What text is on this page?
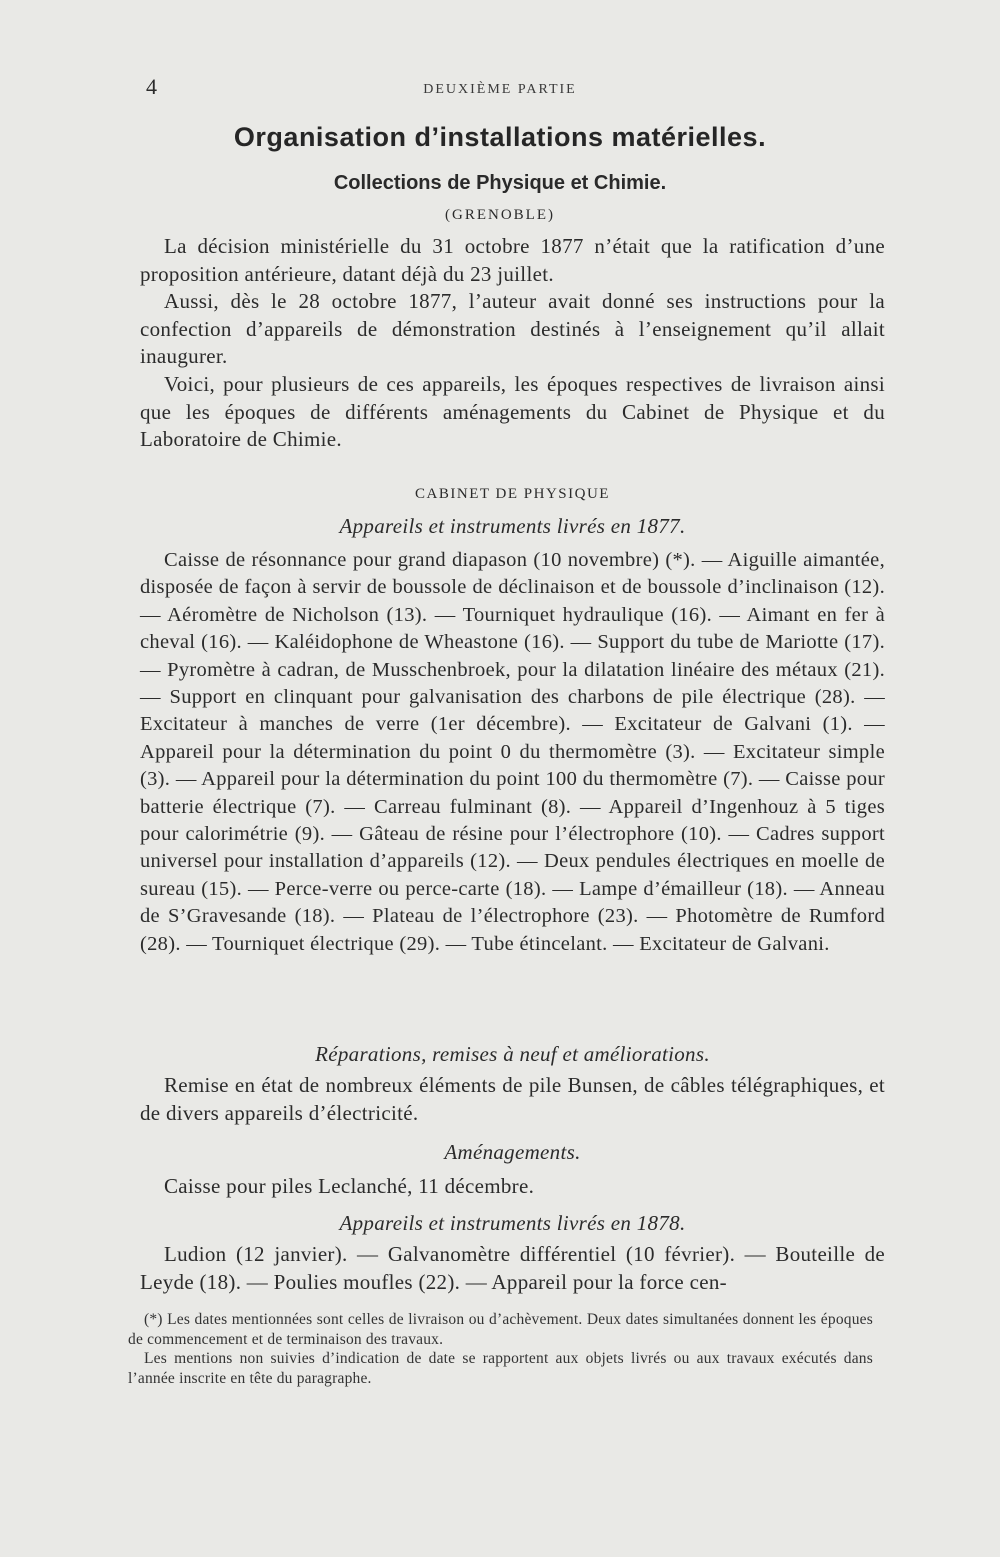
4	DEUXIÈME PARTIE
Organisation d’installations matérielles.
Collections de Physique et Chimie.
(GRENOBLE)

La décision ministérielle du 31 octobre 1877 n’était que la ratification d’une proposition antérieure, datant déjà du 23 juillet.

Aussi, dès le 28 octobre 1877, l’auteur avait donné ses instructions pour la confection d’appareils de démonstration destinés à l’enseignement qu’il allait inaugurer.

Voici, pour plusieurs de ces appareils, les époques respectives de livraison ainsi que les époques de différents aménagements du Cabinet de Physique et du Laboratoire de Chimie.

CABINET DE PHYSIQUE

Appareils et instruments livrés en 1877.

Caisse de résonnance pour grand diapason (10 novembre) (*). — Aiguille aimantée, disposée de façon à servir de boussole de déclinaison et de boussole d’inclinaison (12). — Aéromètre de Nicholson (13). — Tourniquet hydraulique (16). — Aimant en fer à cheval (16). — Kaléidophone de Wheastone (16). — Support du tube de Mariotte (17). — Pyromètre à cadran, de Musschenbroek, pour la dilatation linéaire des métaux (21). — Support en clinquant pour galvanisation des charbons de pile électrique (28). — Excitateur à manches de verre (1er décembre). — Excitateur de Galvani (1). — Appareil pour la détermination du point 0 du thermomètre (3). — Excitateur simple (3). — Appareil pour la détermination du point 100 du thermomètre (7). — Caisse pour batterie électrique (7). — Carreau fulminant (8). — Appareil d’Ingenhouz à 5 tiges pour calorimétrie (9). — Gâteau de résine pour l’électrophore (10). — Cadres support universel pour installation d’appareils (12). — Deux pendules électriques en moelle de sureau (15). — Perce-verre ou perce-carte (18). — Lampe d’émailleur (18). — Anneau de S’Gravesande (18). — Plateau de l’électrophore (23). — Photomètre de Rumford (28). — Tourniquet électrique (29). — Tube étincelant. — Excitateur de Galvani.

Réparations, remises à neuf et améliorations.

Remise en état de nombreux éléments de pile Bunsen, de câbles télégraphiques, et de divers appareils d’électricité.

Aménagements.

Caisse pour piles Leclanché, 11 décembre.

Appareils et instruments livrés en 1878.

Ludion (12 janvier). — Galvanomètre différentiel (10 février). — Bouteille de Leyde (18). — Poulies moufles (22). — Appareil pour la force cen-

(*) Les dates mentionnées sont celles de livraison ou d’achèvement. Deux dates simultanées donnent les époques de commencement et de terminaison des travaux.

Les mentions non suivies d’indication de date se rapportent aux objets livrés ou aux travaux exécutés dans l’année inscrite en tête du paragraphe.
